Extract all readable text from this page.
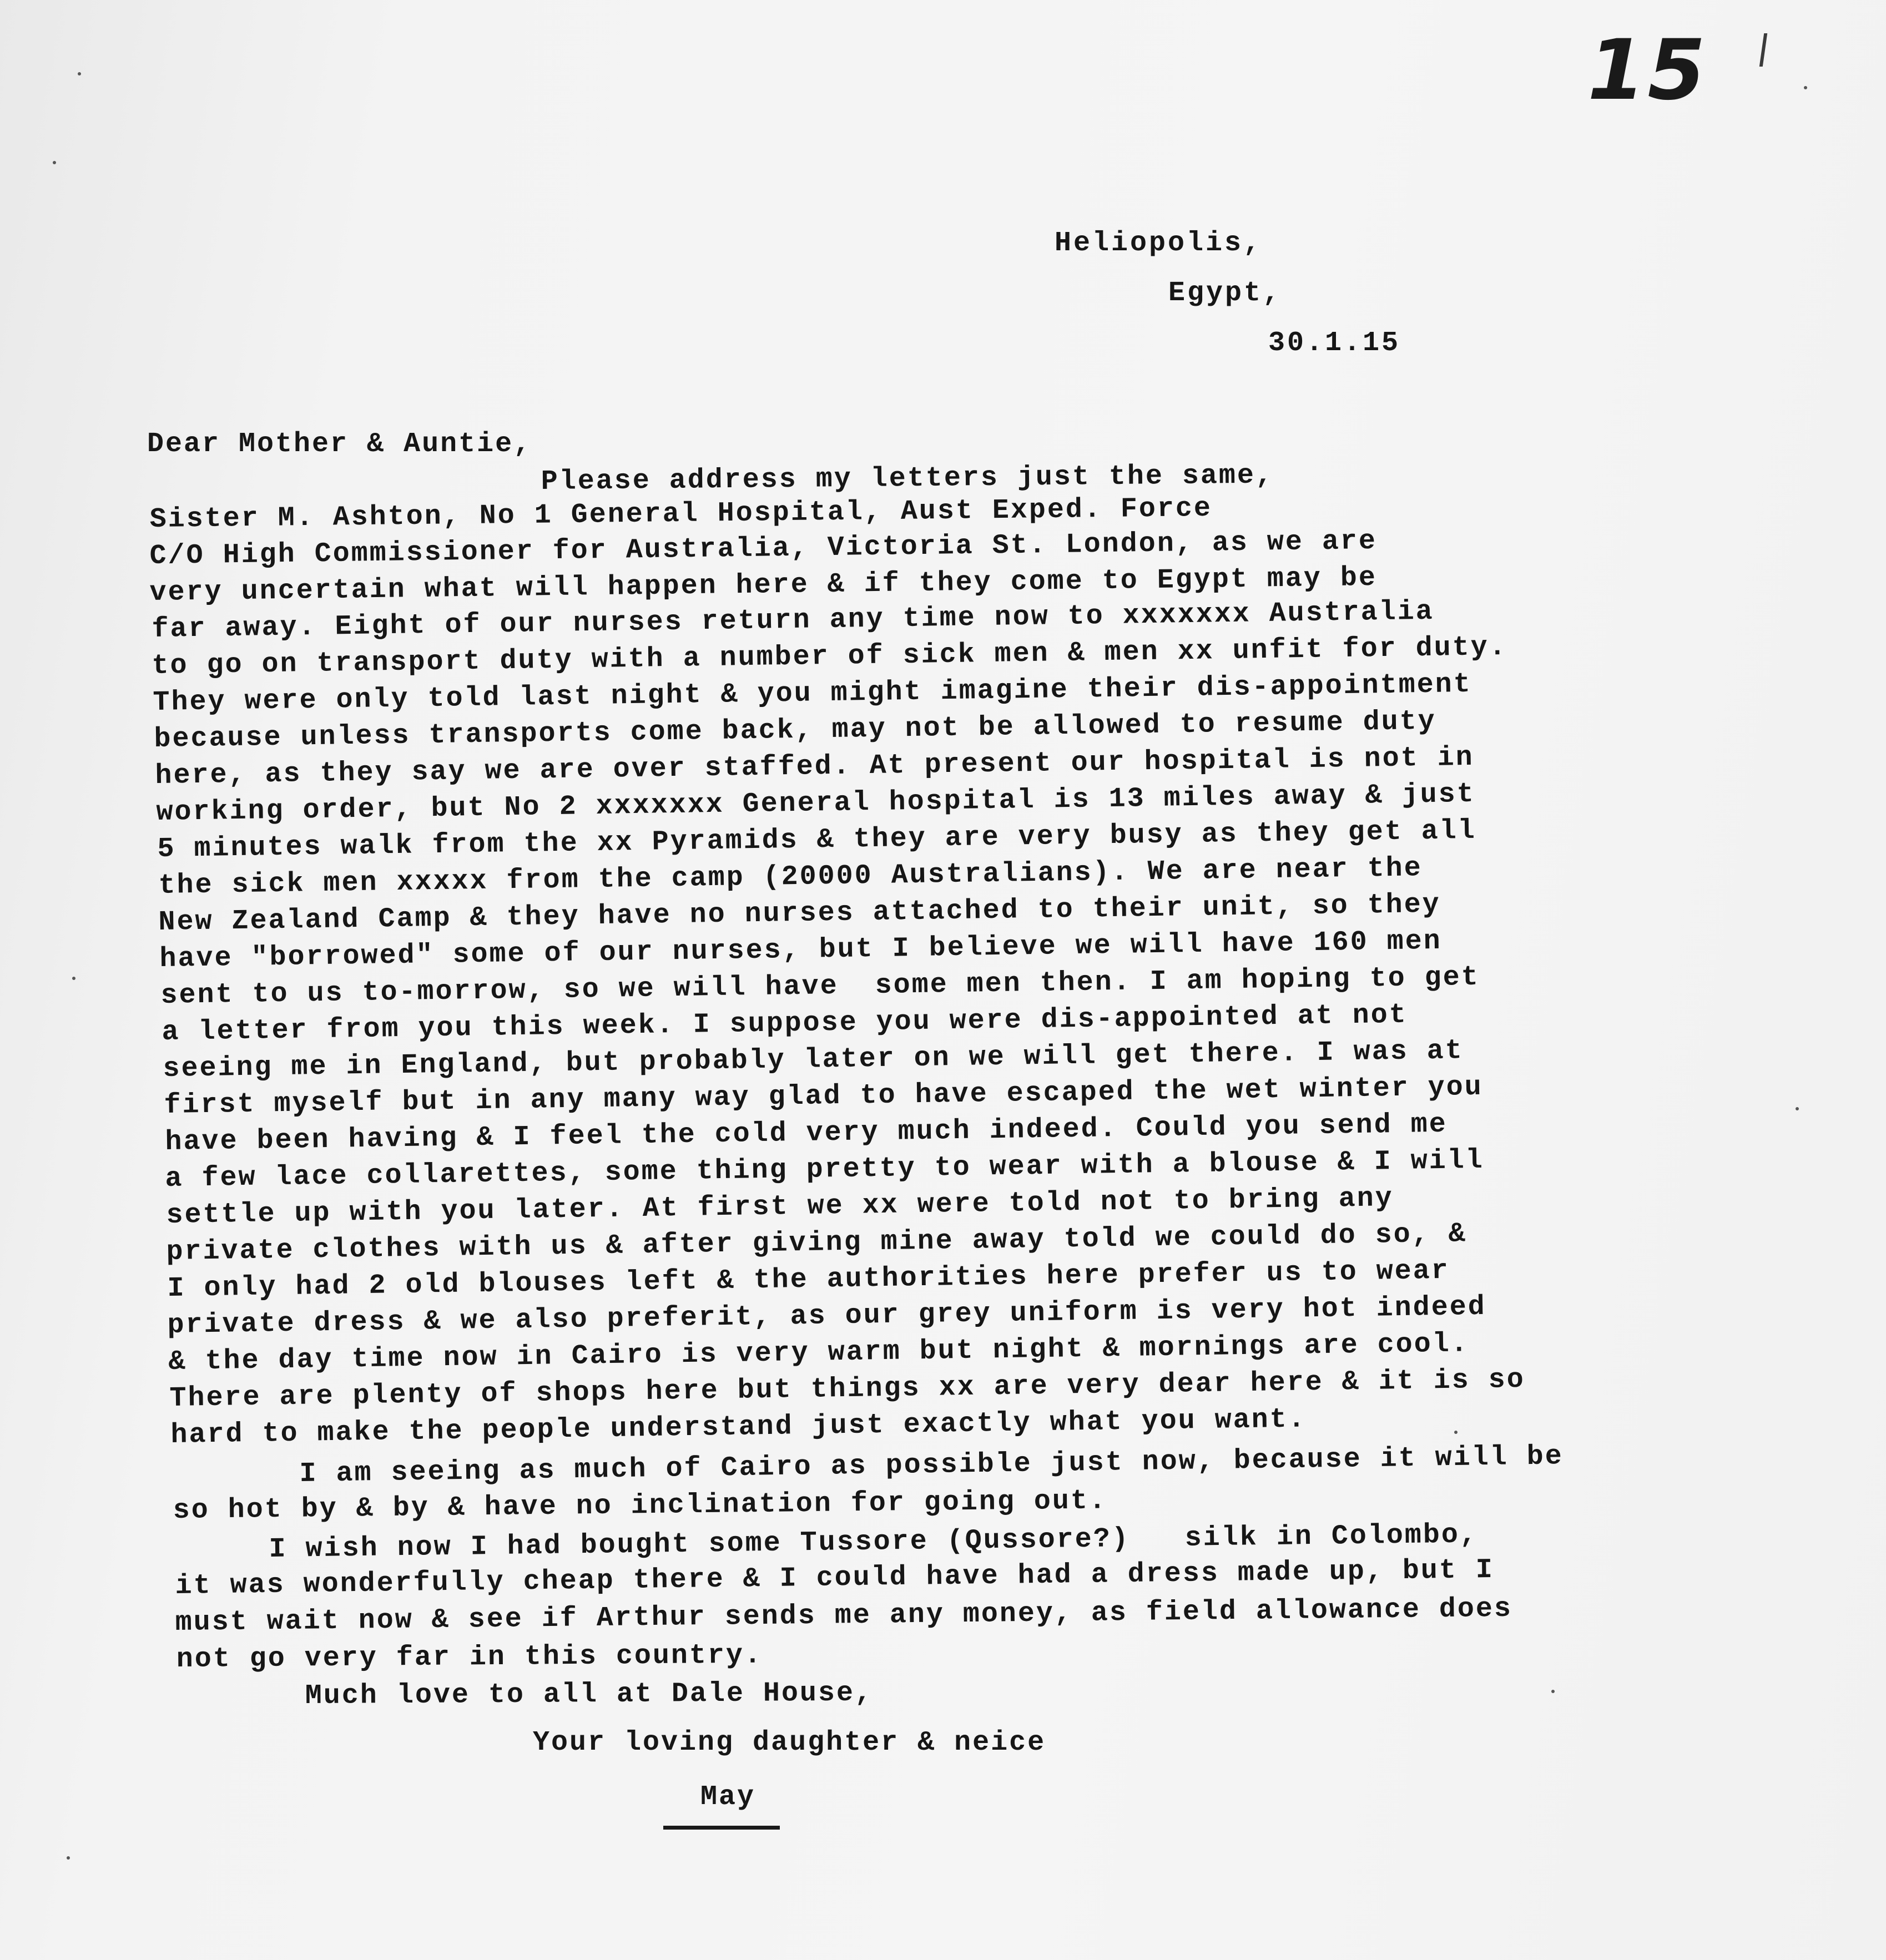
15
Heliopolis,
Egypt,
30.1.15
Dear Mother & Auntie,
Please address my letters just the same,
Sister M. Ashton, No 1 General Hospital, Aust Exped. Force
C/O High Commissioner for Australia, Victoria St. London, as we are
very uncertain what will happen here & if they come to Egypt may be
far away. Eight of our nurses return any time now to xxxxxxx Australia
to go on transport duty with a number of sick men & men xx unfit for duty.
They were only told last night & you might imagine their dis-appointment
because unless transports come back, may not be allowed to resume duty
here, as they say we are over staffed. At present our hospital is not in
working order, but No 2 xxxxxxx General hospital is 13 miles away & just
5 minutes walk from the xx Pyramids & they are very busy as they get all
the sick men xxxxx from the camp (20000 Australians). We are near the
New Zealand Camp & they have no nurses attached to their unit, so they
have "borrowed" some of our nurses, but I believe we will have 160 men
sent to us to-morrow, so we will have  some men then. I am hoping to get
a letter from you this week. I suppose you were dis-appointed at not
seeing me in England, but probably later on we will get there. I was at
first myself but in any many way glad to have escaped the wet winter you
have been having & I feel the cold very much indeed. Could you send me
a few lace collarettes, some thing pretty to wear with a blouse & I will
settle up with you later. At first we xx were told not to bring any
private clothes with us & after giving mine away told we could do so, &
I only had 2 old blouses left & the authorities here prefer us to wear
private dress & we also preferit, as our grey uniform is very hot indeed
& the day time now in Cairo is very warm but night & mornings are cool.
There are plenty of shops here but things xx are very dear here & it is so
hard to make the people understand just exactly what you want.
I am seeing as much of Cairo as possible just now, because it will be
so hot by & by & have no inclination for going out.
I wish now I had bought some Tussore (Qussore?)   silk in Colombo,
it was wonderfully cheap there & I could have had a dress made up, but I
must wait now & see if Arthur sends me any money, as field allowance does
not go very far in this country.
Much love to all at Dale House,
Your loving daughter & neice
May
